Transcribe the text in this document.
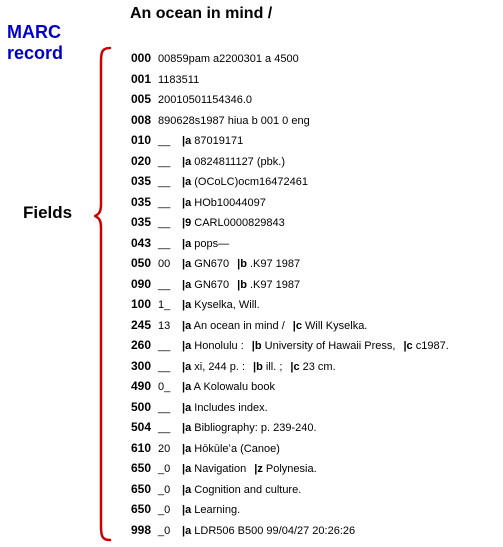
An ocean in mind /
MARC
record
Fields
000 00859pam a2200301 a 4500
001 1183511
005 20010501154346.0
008 890628s1987 hiua b 001 0 eng
010 __ |a 87019171
020 __ |a 0824811127 (pbk.)
035 __ |a (OCoLC)ocm16472461
035 __ |a HOb10044097
035 __ |9 CARL0000829843
043 __ |a pops—
050 00 |a GN670 |b .K97 1987
090 __ |a GN670 |b .K97 1987
100 1_ |a Kyselka, Will.
245 13 |a An ocean in mind / |c Will Kyselka.
260 __ |a Honolulu : |b University of Hawaii Press, |c c1987.
300 __ |a xi, 244 p. : |b ill. ; |c 23 cm.
490 0_ |a A Kolowalu book
500 __ |a Includes index.
504 __ |a Bibliography: p. 239-240.
610 20 |a Hōkūleʻa (Canoe)
650 _0 |a Navigation |z Polynesia.
650 _0 |a Cognition and culture.
650 _0 |a Learning.
998 _0 |a LDR506 B500 99/04/27 20:26:26
